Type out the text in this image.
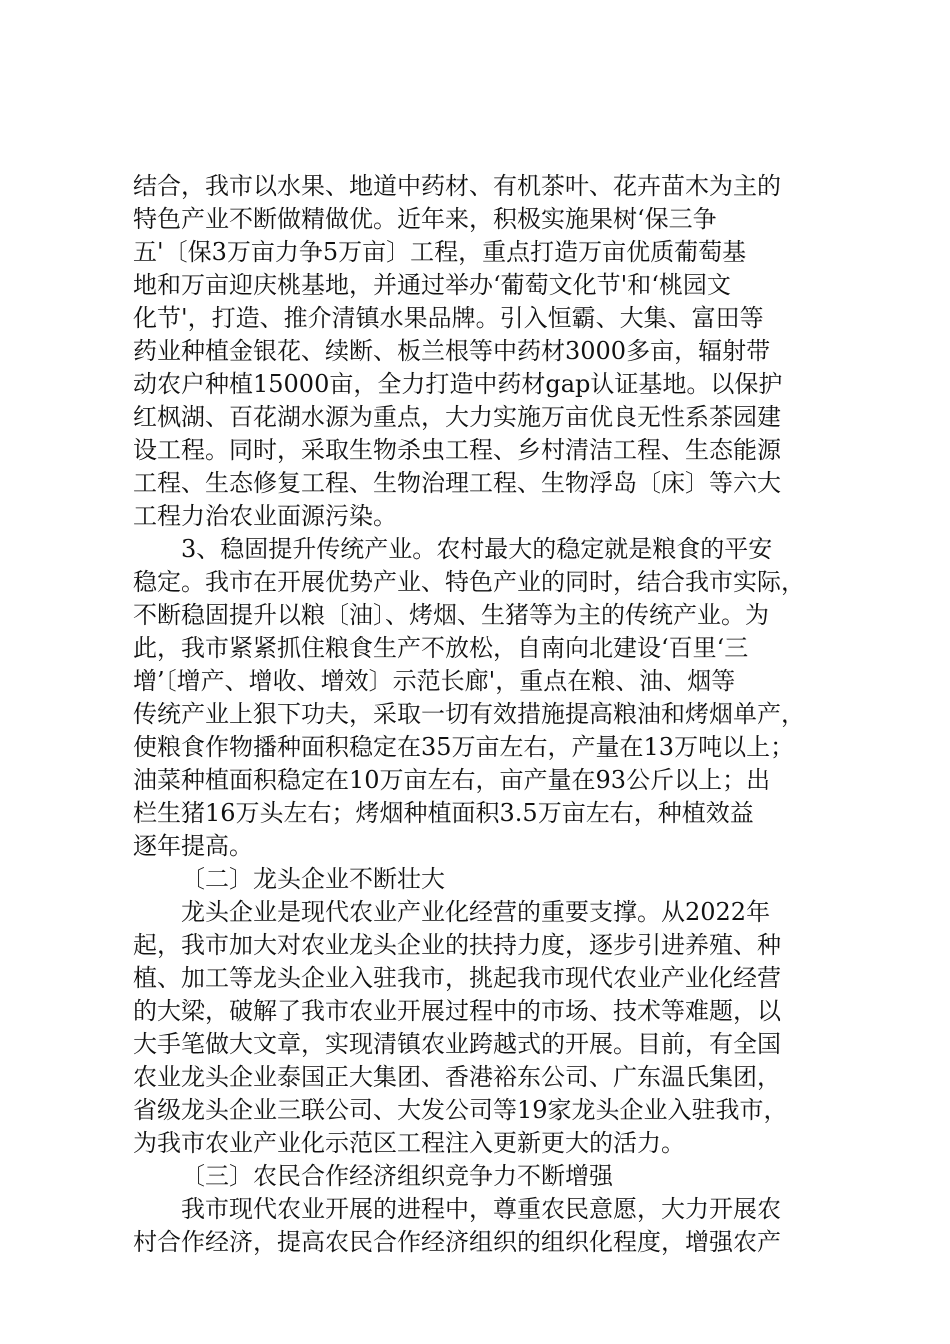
结合，我市以水果、地道中药材、有机茶叶、花卉苗木为主的
特色产业不断做精做优。近年来，积极实施果树‘保三争
五'〔保3万亩力争5万亩〕工程，重点打造万亩优质葡萄基
地和万亩迎庆桃基地，并通过举办‘葡萄文化节'和‘桃园文
化节'，打造、推介清镇水果品牌。引入恒霸、大集、富田等
药业种植金银花、续断、板兰根等中药材3000多亩，辐射带
动农户种植15000亩，全力打造中药材gap认证基地。以保护
红枫湖、百花湖水源为重点，大力实施万亩优良无性系茶园建
设工程。同时，采取生物杀虫工程、乡村清洁工程、生态能源
工程、生态修复工程、生物治理工程、生物浮岛〔床〕等六大
工程力治农业面源污染。
3、稳固提升传统产业。农村最大的稳定就是粮食的平安
稳定。我市在开展优势产业、特色产业的同时，结合我市实际，
不断稳固提升以粮〔油〕、烤烟、生猪等为主的传统产业。为
此，我市紧紧抓住粮食生产不放松，自南向北建设‘百里‘三
增’〔增产、增收、增效〕示范长廊'，重点在粮、油、烟等
传统产业上狠下功夫，采取一切有效措施提高粮油和烤烟单产，
使粮食作物播种面积稳定在35万亩左右，产量在13万吨以上；
油菜种植面积稳定在10万亩左右，亩产量在93公斤以上；出
栏生猪16万头左右；烤烟种植面积3.5万亩左右，种植效益
逐年提高。
〔二〕龙头企业不断壮大
龙头企业是现代农业产业化经营的重要支撑。从2022年
起，我市加大对农业龙头企业的扶持力度，逐步引进养殖、种
植、加工等龙头企业入驻我市，挑起我市现代农业产业化经营
的大梁，破解了我市农业开展过程中的市场、技术等难题，以
大手笔做大文章，实现清镇农业跨越式的开展。目前，有全国
农业龙头企业泰国正大集团、香港裕东公司、广东温氏集团，
省级龙头企业三联公司、大发公司等19家龙头企业入驻我市，
为我市农业产业化示范区工程注入更新更大的活力。
〔三〕农民合作经济组织竞争力不断增强
我市现代农业开展的进程中，尊重农民意愿，大力开展农
村合作经济，提高农民合作经济组织的组织化程度，增强农产
